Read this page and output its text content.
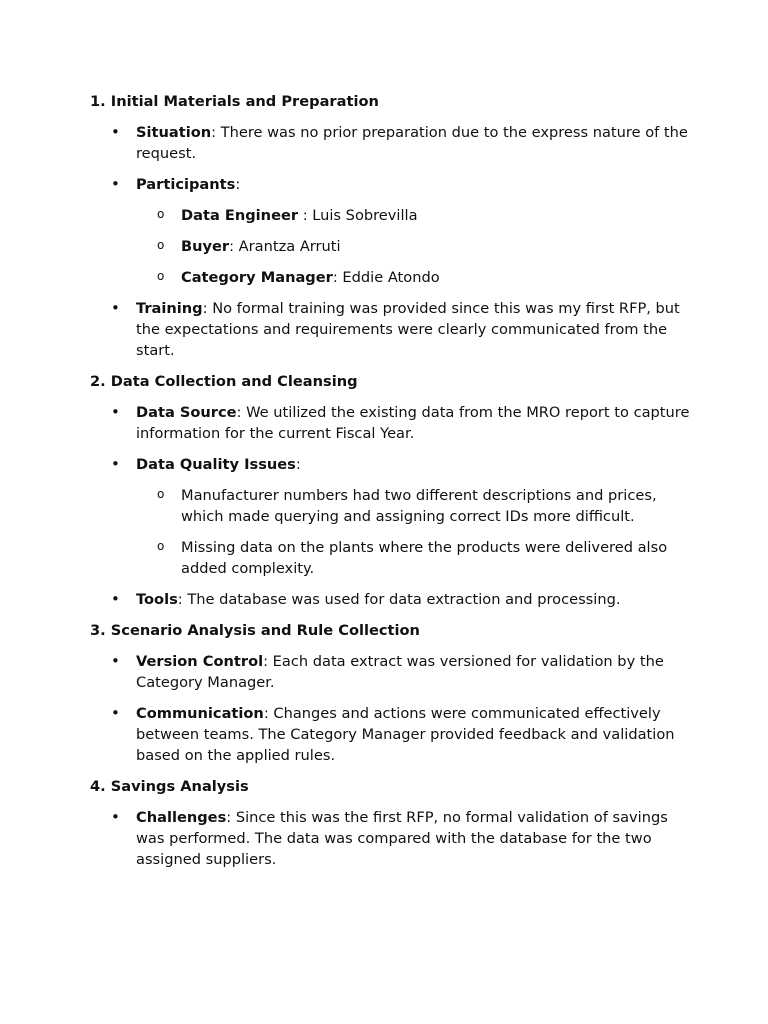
1. Initial Materials and Preparation
• Situation: There was no prior preparation due to the express nature of the request.
• Participants:
o Data Engineer : Luis Sobrevilla
o Buyer: Arantza Arruti
o Category Manager: Eddie Atondo
• Training: No formal training was provided since this was my first RFP, but the expectations and requirements were clearly communicated from the start.
2. Data Collection and Cleansing
• Data Source: We utilized the existing data from the MRO report to capture information for the current Fiscal Year.
• Data Quality Issues:
o Manufacturer numbers had two different descriptions and prices, which made querying and assigning correct IDs more difficult.
o Missing data on the plants where the products were delivered also added complexity.
• Tools: The database was used for data extraction and processing.
3. Scenario Analysis and Rule Collection
• Version Control: Each data extract was versioned for validation by the Category Manager.
• Communication: Changes and actions were communicated effectively between teams. The Category Manager provided feedback and validation based on the applied rules.
4. Savings Analysis
• Challenges: Since this was the first RFP, no formal validation of savings was performed. The data was compared with the database for the two assigned suppliers.
